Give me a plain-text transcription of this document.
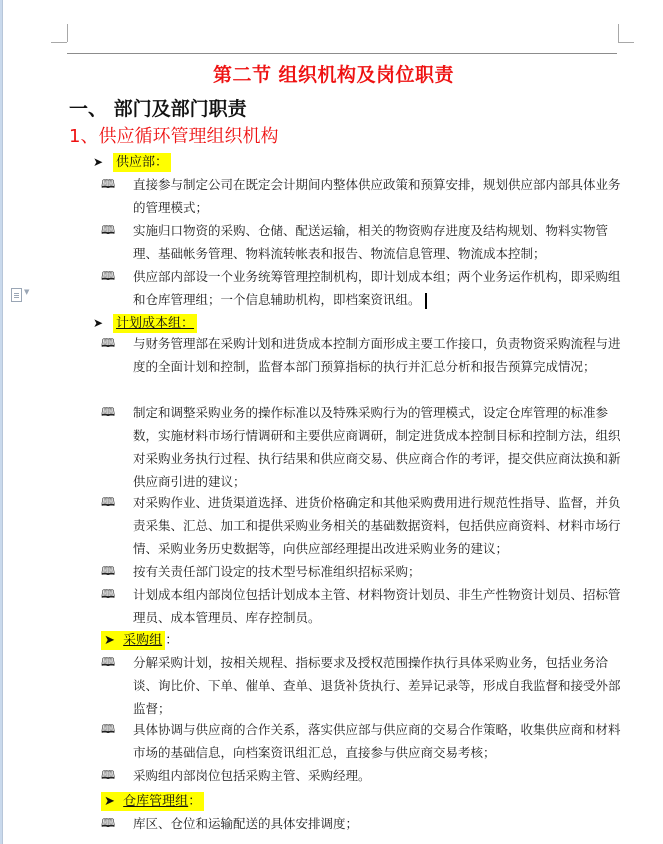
▼
第二节 组织机构及岗位职责
一、 部门及部门职责
1、供应循环管理组织机构
➤ 供应部：
🕮	直接参与制定公司在既定会计期间内整体供应政策和预算安排，规划供应部内部具体业务的管理模式；
🕮	实施归口物资的采购、仓储、配送运输，相关的物资购存进度及结构规划、物料实物管理、基础帐务管理、物料流转帐表和报告、物流信息管理、物流成本控制；
🕮	供应部内部设一个业务统筹管理控制机构，即计划成本组；两个业务运作机构，即采购组和仓库管理组；一个信息辅助机构，即档案资讯组。
➤ 计划成本组：
🕮	与财务管理部在采购计划和进货成本控制方面形成主要工作接口，负责物资采购流程与进度的全面计划和控制，监督本部门预算指标的执行并汇总分析和报告预算完成情况；
🕮	制定和调整采购业务的操作标准以及特殊采购行为的管理模式，设定仓库管理的标准参数，实施材料市场行情调研和主要供应商调研，制定进货成本控制目标和控制方法，组织对采购业务执行过程、执行结果和供应商交易、供应商合作的考评，提交供应商汰换和新供应商引进的建议；
🕮	对采购作业、进货渠道选择、进货价格确定和其他采购费用进行规范性指导、监督，并负责采集、汇总、加工和提供采购业务相关的基础数据资料，包括供应商资料、材料市场行情、采购业务历史数据等，向供应部经理提出改进采购业务的建议；
🕮	按有关责任部门设定的技术型号标准组织招标采购；
🕮	计划成本组内部岗位包括计划成本主管、材料物资计划员、非生产性物资计划员、招标管理员、成本管理员、库存控制员。
➤ 采购组 ：
🕮	分解采购计划，按相关规程、指标要求及授权范围操作执行具体采购业务，包括业务洽谈、询比价、下单、催单、查单、退货补货执行、差异记录等，形成自我监督和接受外部监督；
🕮	具体协调与供应商的合作关系，落实供应部与供应商的交易合作策略，收集供应商和材料市场的基础信息，向档案资讯组汇总，直接参与供应商交易考核；
🕮	采购组内部岗位包括采购主管、采购经理。
➤ 仓库管理组：
🕮	库区、仓位和运输配送的具体安排调度；
